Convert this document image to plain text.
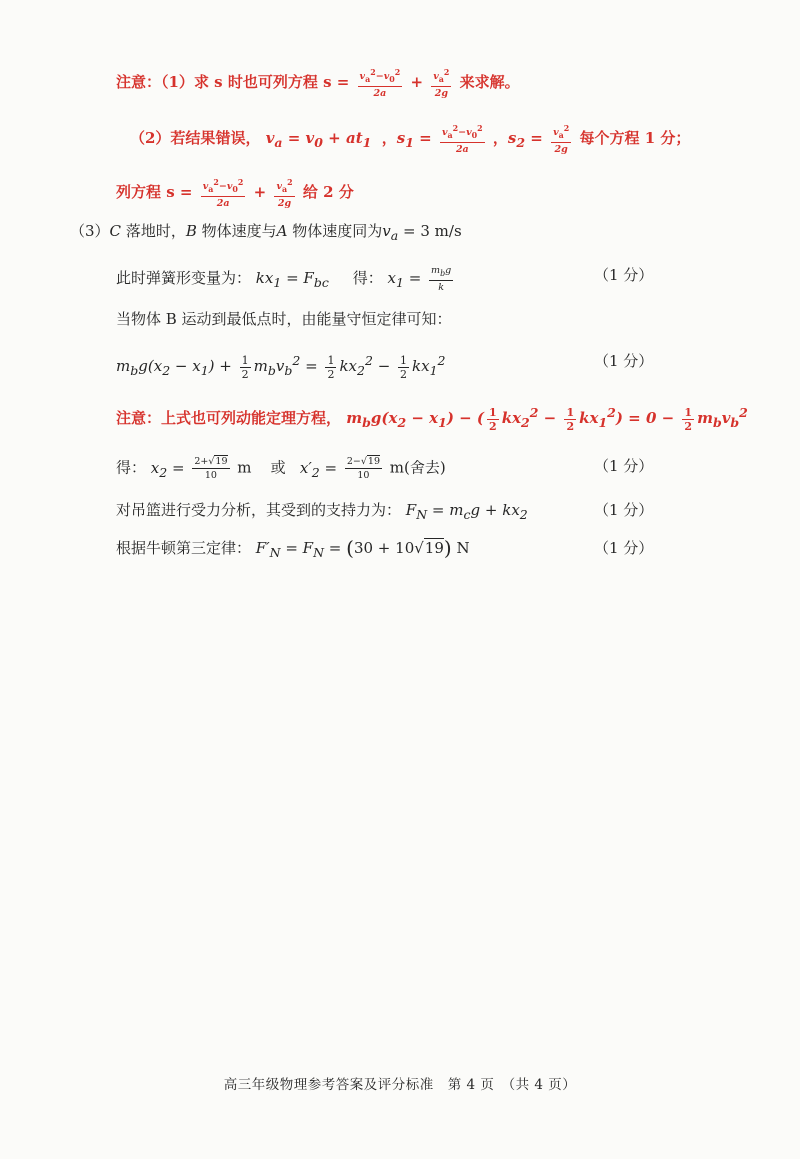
注意：（1）求 s 时也可列方程 $s = \frac{v_a^2-v_0^2}{2a} + \frac{v_a^2}{2g}$ 来求解。
（2）若结果错误， $v_a = v_0 + at_1$  ，$s_1 = \frac{v_a^2-v_0^2}{2a}$ ，$s_2 = \frac{v_a^2}{2g}$ 每个方程 1 分；
列方程 $s = \frac{v_a^2-v_0^2}{2a} + \frac{v_a^2}{2g}$ 给 2 分
（3）C 落地时，B 物体速度与A 物体速度同为$v_a = 3$ m/s
此时弹簧形变量为： $kx_1 = F_{bc}$ 得： $x_1 = \frac{m_bg}{k}$	（1 分）
当物体 B 运动到最低点时，由能量守恒定律可知：
$m_bg(x_2 - x_1) + \frac{1}{2} m_bv_b^2 = \frac{1}{2} kx_2^2 - \frac{1}{2} kx_1^2$	（1 分）
注意：上式也可列动能定理方程， $m_bg(x_2 - x_1)$ − ( $\frac{1}{2} kx_2^2 - \frac{1}{2} kx_1^2) = 0 - \frac{1}{2} m_bv_b^2$
得： $x_2 = \frac{2+√19}{10}$ m    或 $x'_2 = \frac{2-√19}{10} m$(舍去)	（1 分）
对吊篮进行受力分析，其受到的支持力为： $F_N = m_cg + kx_2$	（1 分）
根据牛顿第三定律： $F'_N = F_N = (30 + 10√19)$ N	（1 分）
高三年级物理参考答案及评分标准　第 4 页　（共 4 页）
